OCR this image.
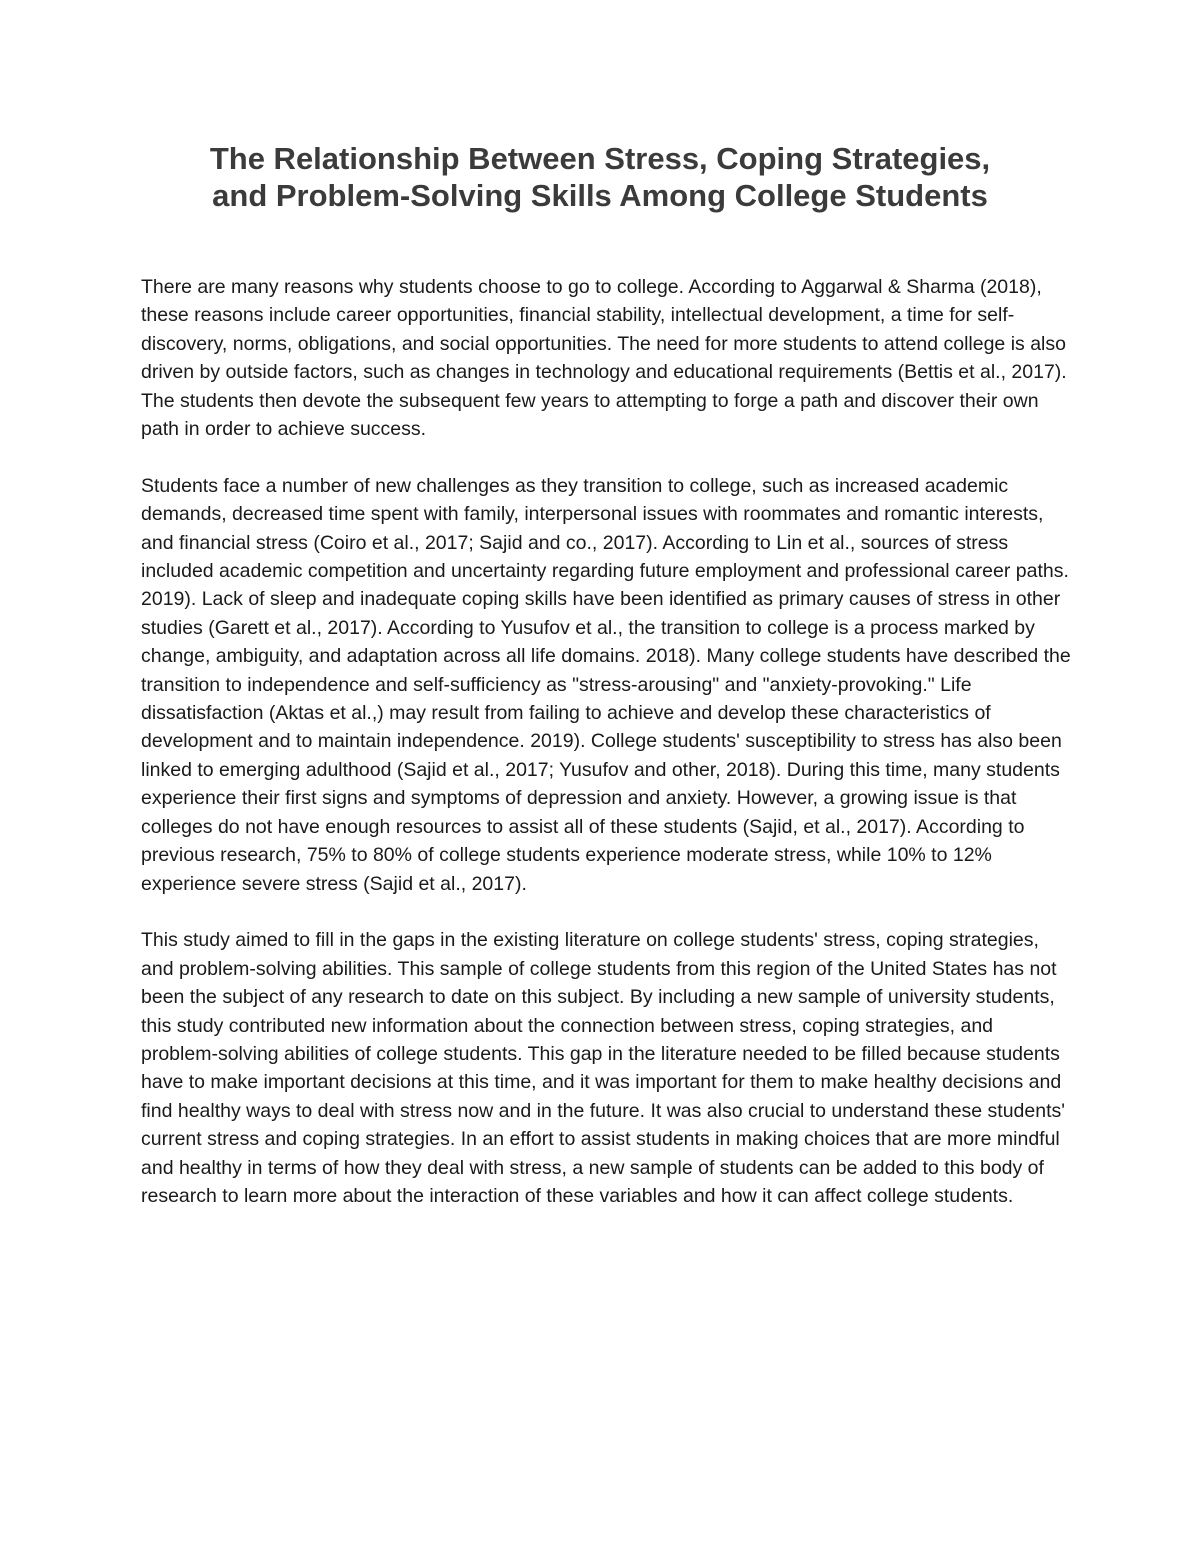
The Relationship Between Stress, Coping Strategies,
and Problem-Solving Skills Among College Students

There are many reasons why students choose to go to college. According to Aggarwal & Sharma (2018), these reasons include career opportunities, financial stability, intellectual development, a time for self-discovery, norms, obligations, and social opportunities. The need for more students to attend college is also driven by outside factors, such as changes in technology and educational requirements (Bettis et al., 2017). The students then devote the subsequent few years to attempting to forge a path and discover their own path in order to achieve success.

Students face a number of new challenges as they transition to college, such as increased academic demands, decreased time spent with family, interpersonal issues with roommates and romantic interests, and financial stress (Coiro et al., 2017; Sajid and co., 2017). According to Lin et al., sources of stress included academic competition and uncertainty regarding future employment and professional career paths. 2019). Lack of sleep and inadequate coping skills have been identified as primary causes of stress in other studies (Garett et al., 2017). According to Yusufov et al., the transition to college is a process marked by change, ambiguity, and adaptation across all life domains. 2018). Many college students have described the transition to independence and self-sufficiency as "stress-arousing" and "anxiety-provoking." Life dissatisfaction (Aktas et al.,) may result from failing to achieve and develop these characteristics of development and to maintain independence. 2019). College students' susceptibility to stress has also been linked to emerging adulthood (Sajid et al., 2017; Yusufov and other, 2018). During this time, many students experience their first signs and symptoms of depression and anxiety. However, a growing issue is that colleges do not have enough resources to assist all of these students (Sajid, et al., 2017). According to previous research, 75% to 80% of college students experience moderate stress, while 10% to 12% experience severe stress (Sajid et al., 2017).

This study aimed to fill in the gaps in the existing literature on college students' stress, coping strategies, and problem-solving abilities. This sample of college students from this region of the United States has not been the subject of any research to date on this subject. By including a new sample of university students, this study contributed new information about the connection between stress, coping strategies, and problem-solving abilities of college students. This gap in the literature needed to be filled because students have to make important decisions at this time, and it was important for them to make healthy decisions and find healthy ways to deal with stress now and in the future. It was also crucial to understand these students' current stress and coping strategies. In an effort to assist students in making choices that are more mindful and healthy in terms of how they deal with stress, a new sample of students can be added to this body of research to learn more about the interaction of these variables and how it can affect college students.
